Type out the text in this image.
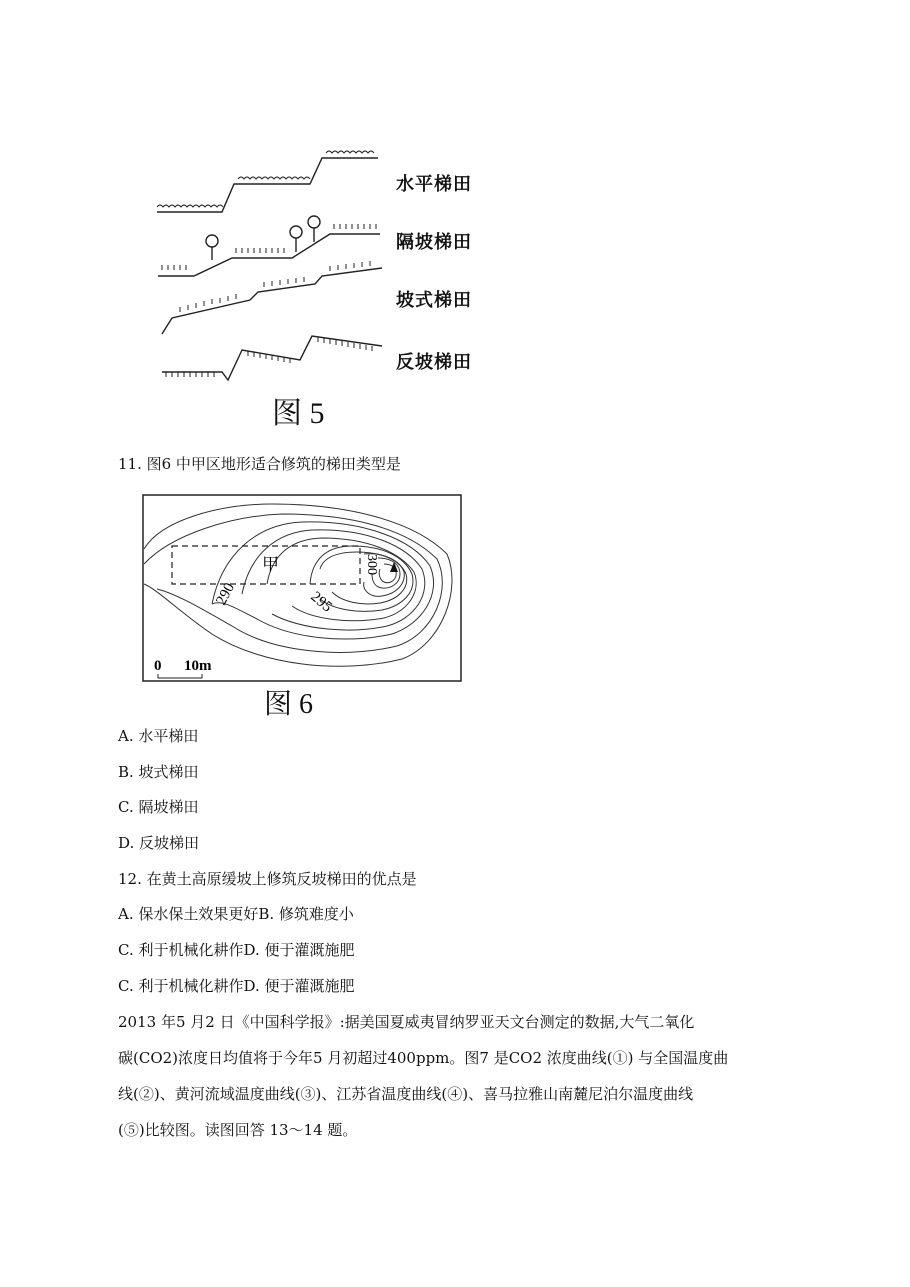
水平梯田
隔坡梯田
坡式梯田
反坡梯田
图 5
11. 图6 中甲区地形适合修筑的梯田类型是
甲
290	295
300
0 10m
图 6
A. 水平梯田
B. 坡式梯田
C. 隔坡梯田
D. 反坡梯田
12. 在黄土高原缓坡上修筑反坡梯田的优点是
A. 保水保土效果更好B. 修筑难度小
C. 利于机械化耕作D. 便于灌溉施肥
C. 利于机械化耕作D. 便于灌溉施肥
2013 年5 月2 日《中国科学报》:据美国夏威夷冒纳罗亚天文台测定的数据,大气二氧化
碳(CO2)浓度日均值将于今年5 月初超过400ppm。图7 是CO2 浓度曲线(①) 与全国温度曲
线(②)、黄河流域温度曲线(③)、江苏省温度曲线(④)、喜马拉雅山南麓尼泊尔温度曲线
(⑤)比较图。读图回答 13～14 题。
